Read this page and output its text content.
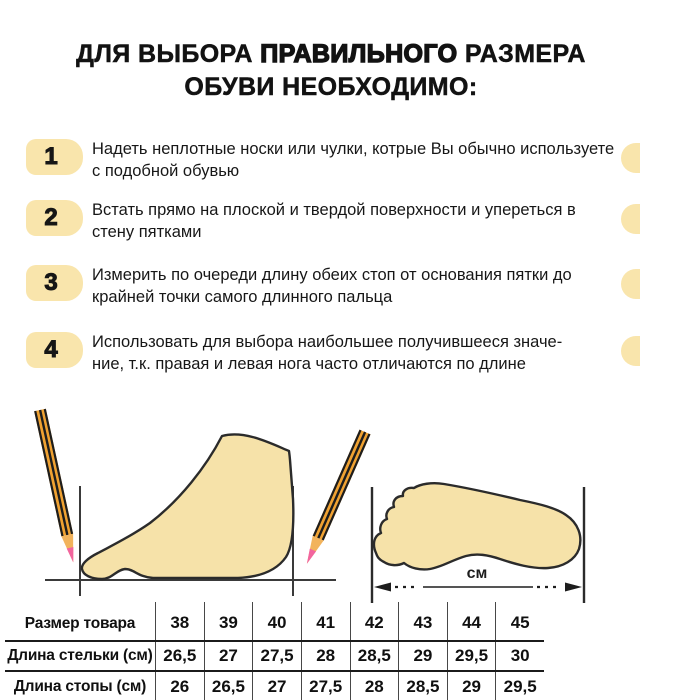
ДЛЯ ВЫБОРА ПРАВИЛЬНОГО РАЗМЕРА
ОБУВИ НЕОБХОДИМО:
1 Надеть неплотные носки или чулки, котрые Вы обычно используете
с подобной обувью
2 Встать прямо на плоской и твердой поверхности и упереться в
стену пятками
3 Измерить по очереди длину обеих стоп от основания пятки до
крайней точки самого длинного пальца
4 Использовать для выбора наибольшее получившееся значе-
ние, т.к. правая и левая нога часто отличаются по длине
см
Размер товара	38	39	40	41	42	43	44	45
Длина стельки (см) 26,5	27	27,5	28	28,5	29	29,5	30
Длина стопы (см)	26	26,5	27	27,5	28	28,5	29	29,5
